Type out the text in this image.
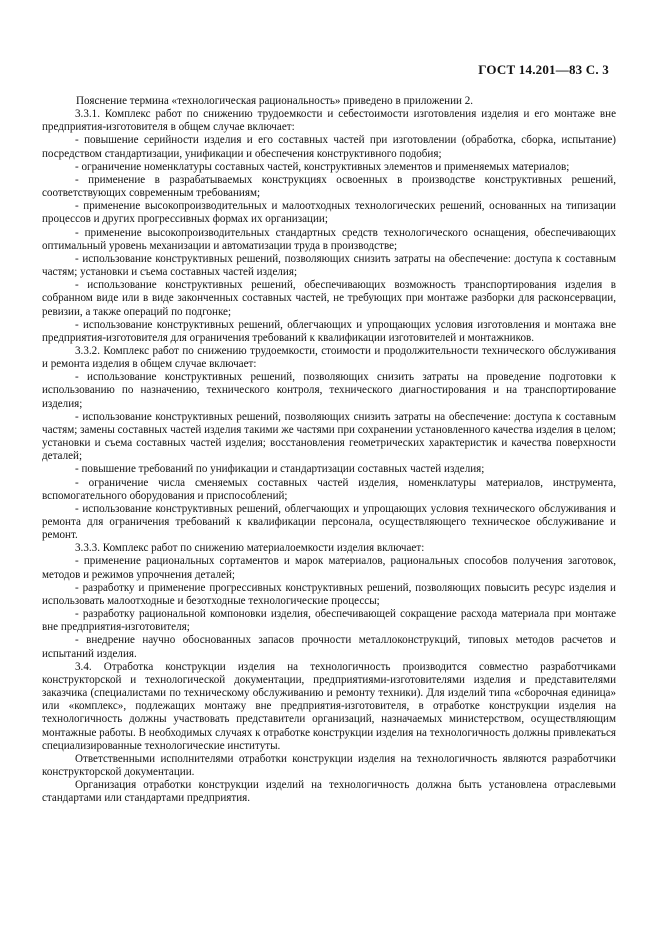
ГОСТ 14.201—83 С. 3

Пояснение термина «технологическая рациональность» приведено в приложении 2.

3.3.1. Комплекс работ по снижению трудоемкости и себестоимости изготовления изделия и его монтаже вне предприятия-изготовителя в общем случае включает:

- повышение серийности изделия и его составных частей при изготовлении (обработка, сборка, испытание) посредством стандартизации, унификации и обеспечения конструктивного подобия;

- ограничение номенклатуры составных частей, конструктивных элементов и применяемых материалов;

- применение в разрабатываемых конструкциях освоенных в производстве конструктивных решений, соответствующих современным требованиям;

- применение высокопроизводительных и малоотходных технологических решений, основанных на типизации процессов и других прогрессивных формах их организации;

- применение высокопроизводительных стандартных средств технологического оснащения, обеспечивающих оптимальный уровень механизации и автоматизации труда в производстве;

- использование конструктивных решений, позволяющих снизить затраты на обеспечение: доступа к составным частям; установки и съема составных частей изделия;

- использование конструктивных решений, обеспечивающих возможность транспортирования изделия в собранном виде или в виде законченных составных частей, не требующих при монтаже разборки для расконсервации, ревизии, а также операций по подгонке;

- использование конструктивных решений, облегчающих и упрощающих условия изготовления и монтажа вне предприятия-изготовителя для ограничения требований к квалификации изготовителей и монтажников.

3.3.2. Комплекс работ по снижению трудоемкости, стоимости и продолжительности технического обслуживания и ремонта изделия в общем случае включает:

- использование конструктивных решений, позволяющих снизить затраты на проведение подготовки к использованию по назначению, технического контроля, технического диагностирования и на транспортирование изделия;

- использование конструктивных решений, позволяющих снизить затраты на обеспечение: доступа к составным частям; замены составных частей изделия такими же частями при сохранении установленного качества изделия в целом; установки и съема составных частей изделия; восстановления геометрических характеристик и качества поверхности деталей;

- повышение требований по унификации и стандартизации составных частей изделия;

- ограничение числа сменяемых составных частей изделия, номенклатуры материалов, инструмента, вспомогательного оборудования и приспособлений;

- использование конструктивных решений, облегчающих и упрощающих условия технического обслуживания и ремонта для ограничения требований к квалификации персонала, осуществляющего техническое обслуживание и ремонт.

3.3.3. Комплекс работ по снижению материалоемкости изделия включает:

- применение рациональных сортаментов и марок материалов, рациональных способов получения заготовок, методов и режимов упрочнения деталей;

- разработку и применение прогрессивных конструктивных решений, позволяющих повысить ресурс изделия и использовать малоотходные и безотходные технологические процессы;

- разработку рациональной компоновки изделия, обеспечивающей сокращение расхода материала при монтаже вне предприятия-изготовителя;

- внедрение научно обоснованных запасов прочности металлоконструкций, типовых методов расчетов и испытаний изделия.

3.4. Отработка конструкции изделия на технологичность производится совместно разработчиками конструкторской и технологической документации, предприятиями-изготовителями изделия и представителями заказчика (специалистами по техническому обслуживанию и ремонту техники). Для изделий типа «сборочная единица» или «комплекс», подлежащих монтажу вне предприятия-изготовителя, в отработке конструкции изделия на технологичность должны участвовать представители организаций, назначаемых министерством, осуществляющим монтажные работы. В необходимых случаях к отработке конструкции изделия на технологичность должны привлекаться специализированные технологические институты.

Ответственными исполнителями отработки конструкции изделия на технологичность являются разработчики конструкторской документации.

Организация отработки конструкции изделий на технологичность должна быть установлена отраслевыми стандартами или стандартами предприятия.
